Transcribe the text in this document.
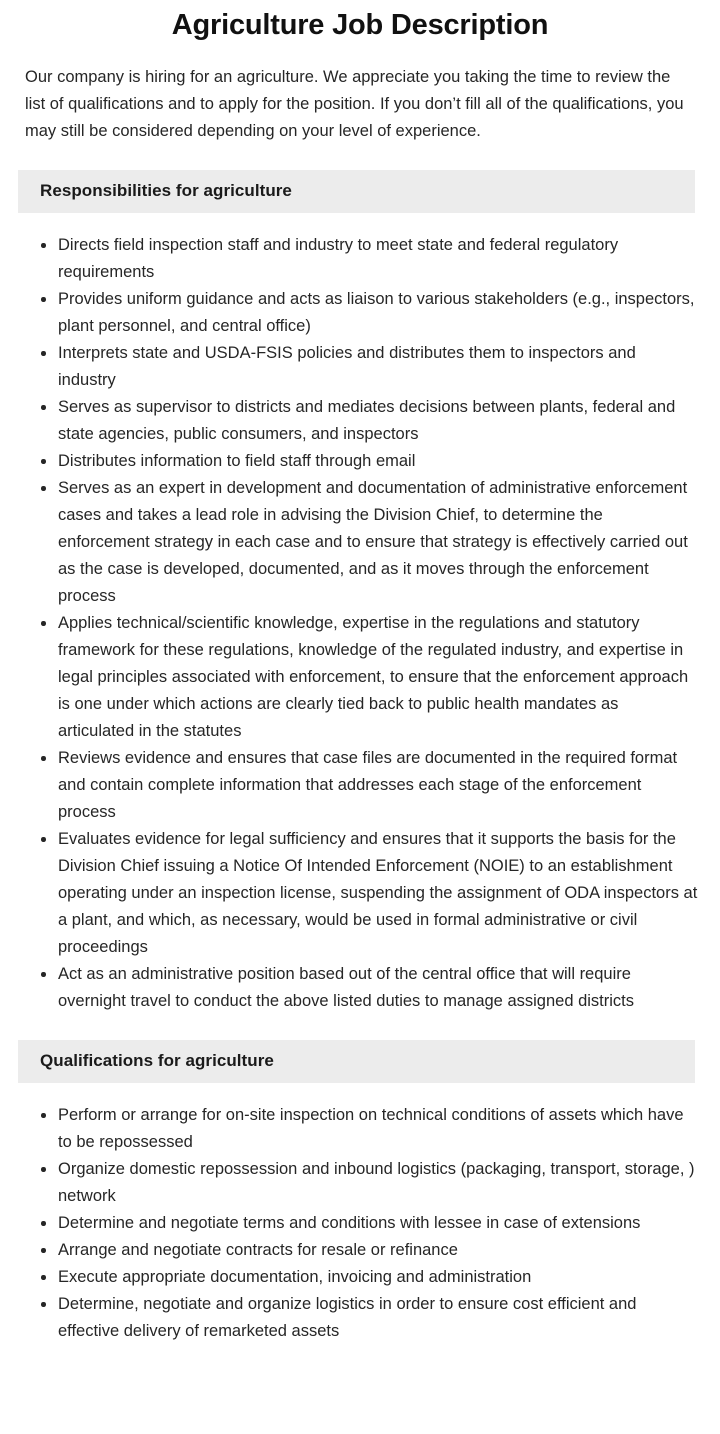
Agriculture Job Description

Our company is hiring for an agriculture. We appreciate you taking the time to review the list of qualifications and to apply for the position. If you don’t fill all of the qualifications, you may still be considered depending on your level of experience.

Responsibilities for agriculture
Directs field inspection staff and industry to meet state and federal regulatory requirements
Provides uniform guidance and acts as liaison to various stakeholders (e.g., inspectors, plant personnel, and central office)
Interprets state and USDA-FSIS policies and distributes them to inspectors and industry
Serves as supervisor to districts and mediates decisions between plants, federal and state agencies, public consumers, and inspectors
Distributes information to field staff through email
Serves as an expert in development and documentation of administrative enforcement cases and takes a lead role in advising the Division Chief, to determine the enforcement strategy in each case and to ensure that strategy is effectively carried out as the case is developed, documented, and as it moves through the enforcement process
Applies technical/scientific knowledge, expertise in the regulations and statutory framework for these regulations, knowledge of the regulated industry, and expertise in legal principles associated with enforcement, to ensure that the enforcement approach is one under which actions are clearly tied back to public health mandates as articulated in the statutes
Reviews evidence and ensures that case files are documented in the required format and contain complete information that addresses each stage of the enforcement process
Evaluates evidence for legal sufficiency and ensures that it supports the basis for the Division Chief issuing a Notice Of Intended Enforcement (NOIE) to an establishment operating under an inspection license, suspending the assignment of ODA inspectors at a plant, and which, as necessary, would be used in formal administrative or civil proceedings
Act as an administrative position based out of the central office that will require overnight travel to conduct the above listed duties to manage assigned districts
Qualifications for agriculture
Perform or arrange for on-site inspection on technical conditions of assets which have to be repossessed
Organize domestic repossession and inbound logistics (packaging, transport, storage, ) network
Determine and negotiate terms and conditions with lessee in case of extensions
Arrange and negotiate contracts for resale or refinance
Execute appropriate documentation, invoicing and administration
Determine, negotiate and organize logistics in order to ensure cost efficient and effective delivery of remarketed assets
